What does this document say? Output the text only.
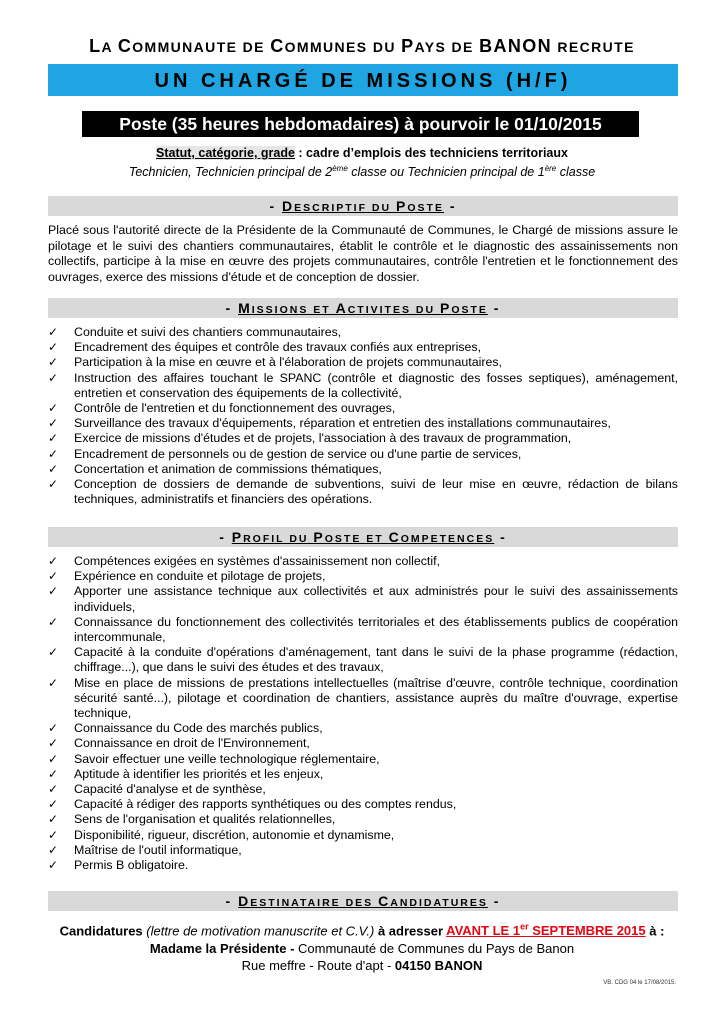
LA COMMUNAUTE DE COMMUNES DU PAYS DE BANON RECRUTE
UN CHARGÉ DE MISSIONS (H/F)
Poste (35 heures hebdomadaires) à pourvoir le 01/10/2015
Statut, catégorie, grade : cadre d’emplois des techniciens territoriaux
Technicien, Technicien principal de 2ème classe ou Technicien principal de 1ère classe
- DESCRIPTIF DU POSTE -
Placé sous l'autorité directe de la Présidente de la Communauté de Communes, le Chargé de missions assure le pilotage et le suivi des chantiers communautaires, établit le contrôle et le diagnostic des assainissements non collectifs, participe à la mise en œuvre des projets communautaires, contrôle l'entretien et le fonctionnement des ouvrages, exerce des missions d'étude et de conception de dossier.
- MISSIONS ET ACTIVITES DU POSTE -
✓	Conduite et suivi des chantiers communautaires,
✓	Encadrement des équipes et contrôle des travaux confiés aux entreprises,
✓	Participation à la mise en œuvre et à l'élaboration de projets communautaires,
✓	Instruction des affaires touchant le SPANC (contrôle et diagnostic des fosses septiques), aménagement, entretien et conservation des équipements de la collectivité,
✓	Contrôle de l'entretien et du fonctionnement des ouvrages,
✓	Surveillance des travaux d'équipements, réparation et entretien des installations communautaires,
✓	Exercice de missions d'études et de projets, l'association à des travaux de programmation,
✓	Encadrement de personnels ou de gestion de service ou d'une partie de services,
✓	Concertation et animation de commissions thématiques,
✓	Conception de dossiers de demande de subventions, suivi de leur mise en œuvre, rédaction de bilans techniques, administratifs et financiers des opérations.
- PROFIL DU POSTE ET COMPETENCES -
✓	Compétences exigées en systèmes d'assainissement non collectif,
✓	Expérience en conduite et pilotage de projets,
✓	Apporter une assistance technique aux collectivités et aux administrés pour le suivi des assainissements individuels,
✓	Connaissance du fonctionnement des collectivités territoriales et des établissements publics de coopération intercommunale,
✓	Capacité à la conduite d'opérations d'aménagement, tant dans le suivi de la phase programme (rédaction, chiffrage...), que dans le suivi des études et des travaux,
✓	Mise en place de missions de prestations intellectuelles (maîtrise d'œuvre, contrôle technique, coordination sécurité santé...), pilotage et coordination de chantiers, assistance auprès du maître d'ouvrage, expertise technique,
✓	Connaissance du Code des marchés publics,
✓	Connaissance en droit de l'Environnement,
✓	Savoir effectuer une veille technologique réglementaire,
✓	Aptitude à identifier les priorités et les enjeux,
✓	Capacité d'analyse et de synthèse,
✓	Capacité à rédiger des rapports synthétiques ou des comptes rendus,
✓	Sens de l'organisation et qualités relationnelles,
✓	Disponibilité, rigueur, discrétion, autonomie et dynamisme,
✓	Maîtrise de l'outil informatique,
✓	Permis B obligatoire.
- DESTINATAIRE DES CANDIDATURES -
Candidatures (lettre de motivation manuscrite et C.V.) à adresser AVANT LE 1er SEPTEMBRE 2015 à :
Madame la Présidente - Communauté de Communes du Pays de Banon
Rue meffre - Route d'apt - 04150 BANON
VB. CDG 04 le 17/08/2015.
